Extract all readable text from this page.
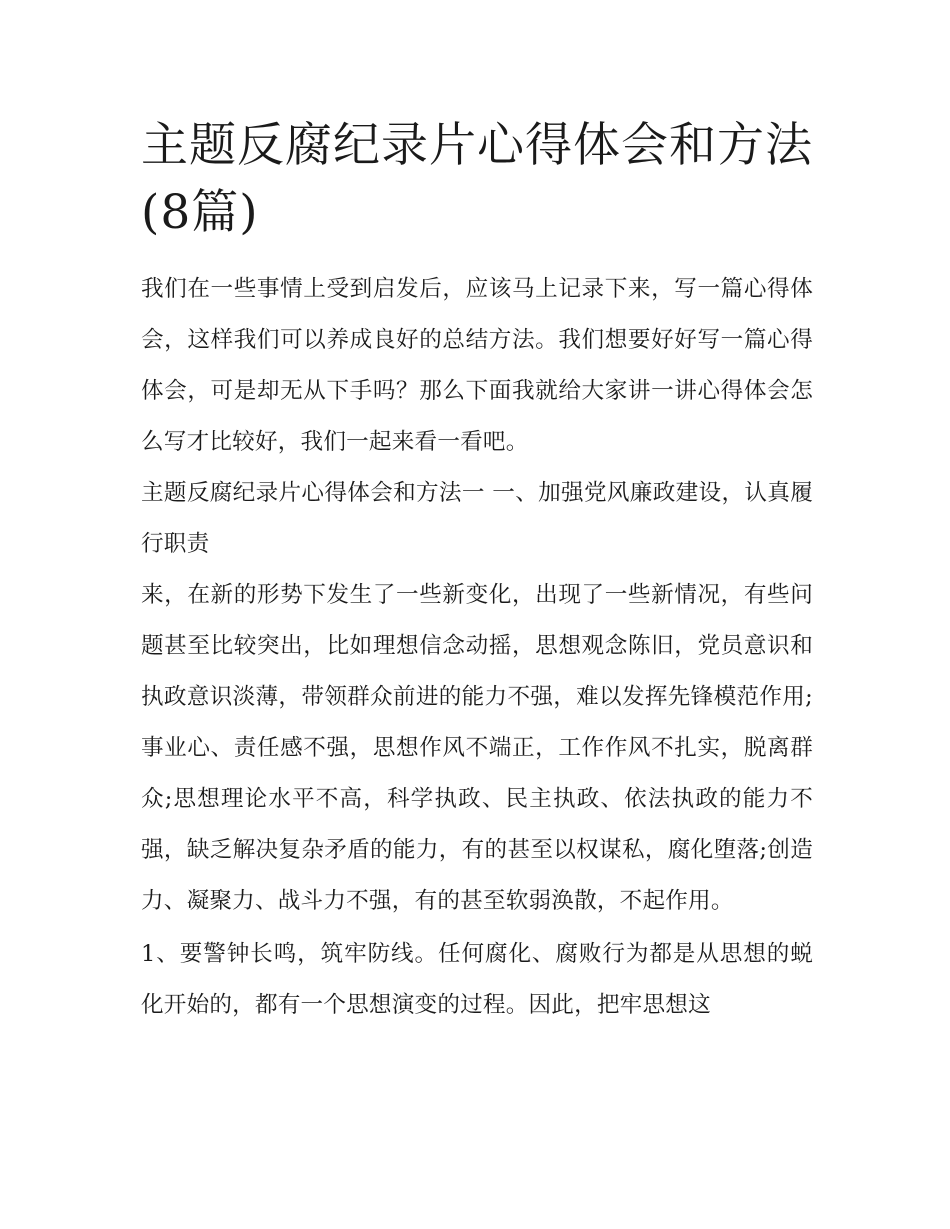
主题反腐纪录片心得体会和方法(8篇)

我们在一些事情上受到启发后，应该马上记录下来，写一篇心得体会，这样我们可以养成良好的总结方法。我们想要好好写一篇心得体会，可是却无从下手吗？那么下面我就给大家讲一讲心得体会怎么写才比较好，我们一起来看一看吧。

主题反腐纪录片心得体会和方法一 一、加强党风廉政建设，认真履行职责

来，在新的形势下发生了一些新变化，出现了一些新情况，有些问题甚至比较突出，比如理想信念动摇，思想观念陈旧，党员意识和执政意识淡薄，带领群众前进的能力不强，难以发挥先锋模范作用;事业心、责任感不强，思想作风不端正，工作作风不扎实，脱离群众;思想理论水平不高，科学执政、民主执政、依法执政的能力不强，缺乏解决复杂矛盾的能力，有的甚至以权谋私，腐化堕落;创造力、凝聚力、战斗力不强，有的甚至软弱涣散，不起作用。

1、要警钟长鸣，筑牢防线。任何腐化、腐败行为都是从思想的蜕化开始的，都有一个思想演变的过程。因此，把牢思想这
